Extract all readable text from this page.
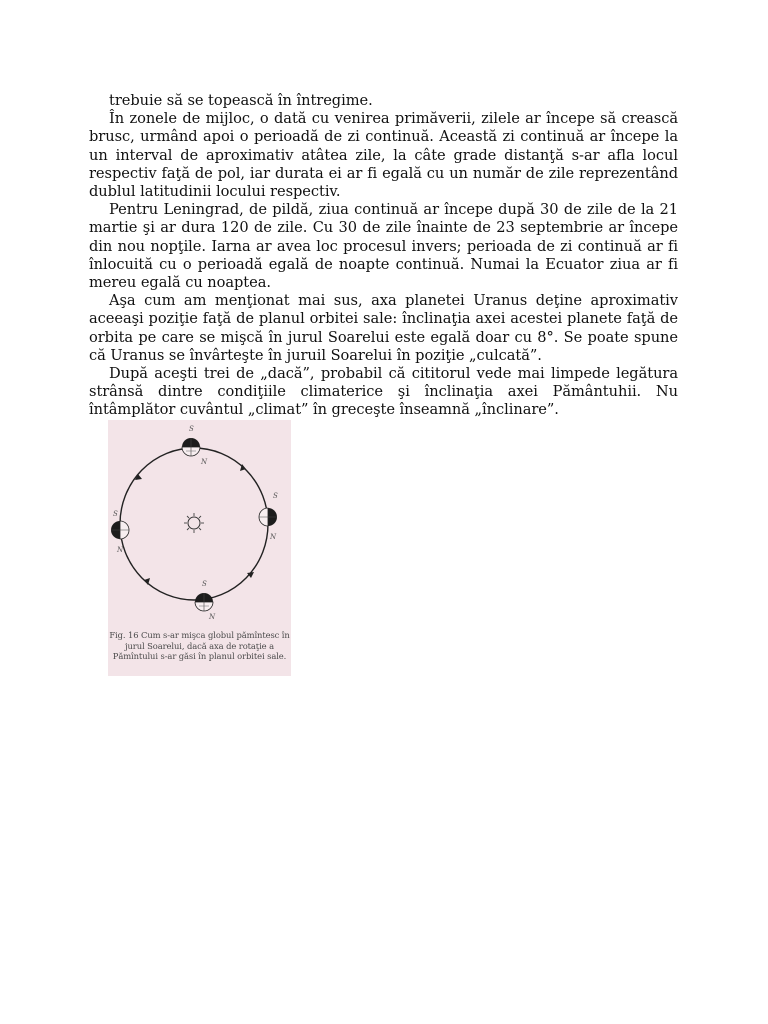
trebuie să se topească în întregime.

În zonele de mijloc, o dată cu venirea primăverii, zilele ar începe să crească brusc, urmând apoi o perioadă de zi continuă. Această zi continuă ar începe la un interval de aproximativ atâtea zile, la câte grade distanţă s-ar afla locul respectiv faţă de pol, iar durata ei ar fi egală cu un număr de zile reprezentând dublul latitudinii locului respectiv.

Pentru Leningrad, de pildă, ziua continuă ar începe după 30 de zile de la 21 martie şi ar dura 120 de zile. Cu 30 de zile înainte de 23 septembrie ar începe din nou nopţile. Iarna ar avea loc procesul invers; perioada de zi continuă ar fi înlocuită cu o perioadă egală de noapte continuă. Numai la Ecuator ziua ar fi mereu egală cu noaptea.

Aşa cum am menţionat mai sus, axa planetei Uranus deţine aproximativ aceeaşi poziţie faţă de planul orbitei sale: înclinaţia axei acestei planete faţă de orbita pe care se mişcă în jurul Soarelui este egală doar cu 8°. Se poate spune că Uranus se învârteşte în juruil Soarelui în poziţie „culcată”.

După aceşti trei de „dacă”, probabil că cititorul vede mai limpede legătura strânsă dintre condiţiile climaterice şi înclinaţia axei Pământuhii. Nu întâmplător cuvântul „climat” în greceşte înseamnă „înclinare”.

S
N
S
N
S
N
S
N
Fig. 16 Cum s-ar mişca globul pămîntesc în jurul Soarelui, dacă axa de rotaţie a Pămîntului s-ar găsi în planul orbitei sale.
